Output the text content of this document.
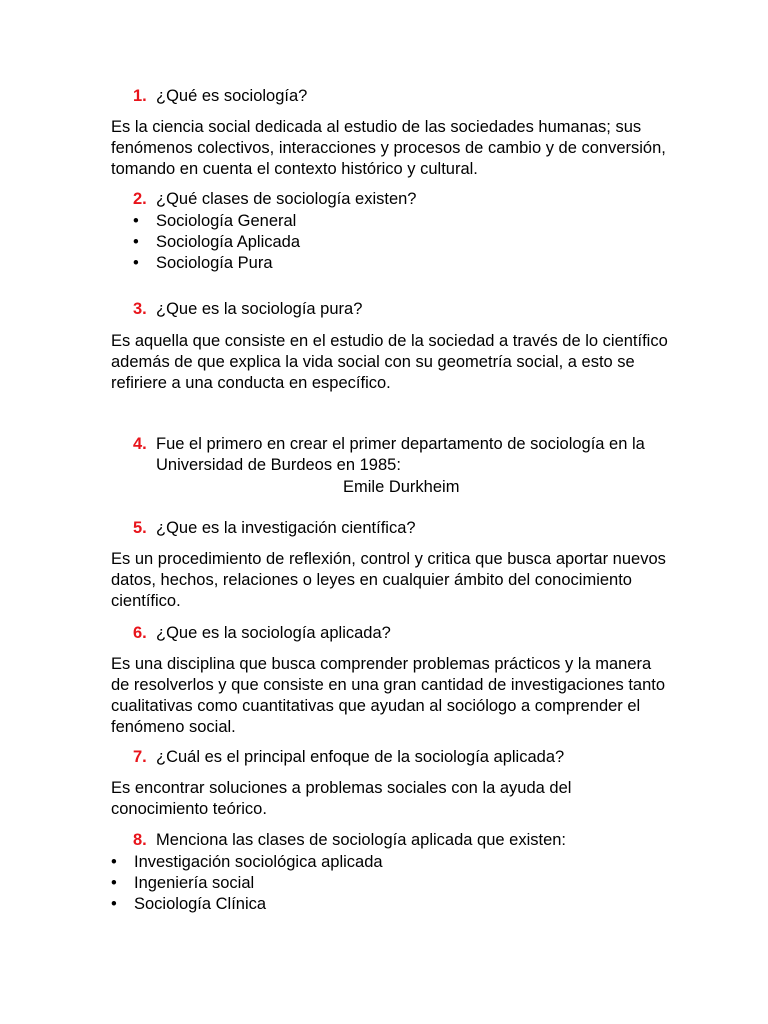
1. ¿Qué es sociología?
Es la ciencia social dedicada al estudio de las sociedades humanas; sus fenómenos colectivos, interacciones y procesos de cambio y de conversión, tomando en cuenta el contexto histórico y cultural.
2. ¿Qué clases de sociología existen?
• Sociología General
• Sociología Aplicada
• Sociología Pura
3. ¿Que es la sociología pura?
Es aquella que consiste en el estudio de la sociedad a través de lo científico además de que explica la vida social con su geometría social, a esto se refiriere a una conducta en específico.
4. Fue el primero en crear el primer departamento de sociología en la Universidad de Burdeos en 1985:
Emile Durkheim
5. ¿Que es la investigación científica?
Es un procedimiento de reflexión, control y critica que busca aportar nuevos datos, hechos, relaciones o leyes en cualquier ámbito del conocimiento científico.
6. ¿Que es la sociología aplicada?
Es una disciplina que busca comprender problemas prácticos y la manera de resolverlos y que consiste en una gran cantidad de investigaciones tanto cualitativas como cuantitativas que ayudan al sociólogo a comprender el fenómeno social.
7. ¿Cuál es el principal enfoque de la sociología aplicada?
Es encontrar soluciones a problemas sociales con la ayuda del conocimiento teórico.
8. Menciona las clases de sociología aplicada que existen:
• Investigación sociológica aplicada
• Ingeniería social
• Sociología Clínica
